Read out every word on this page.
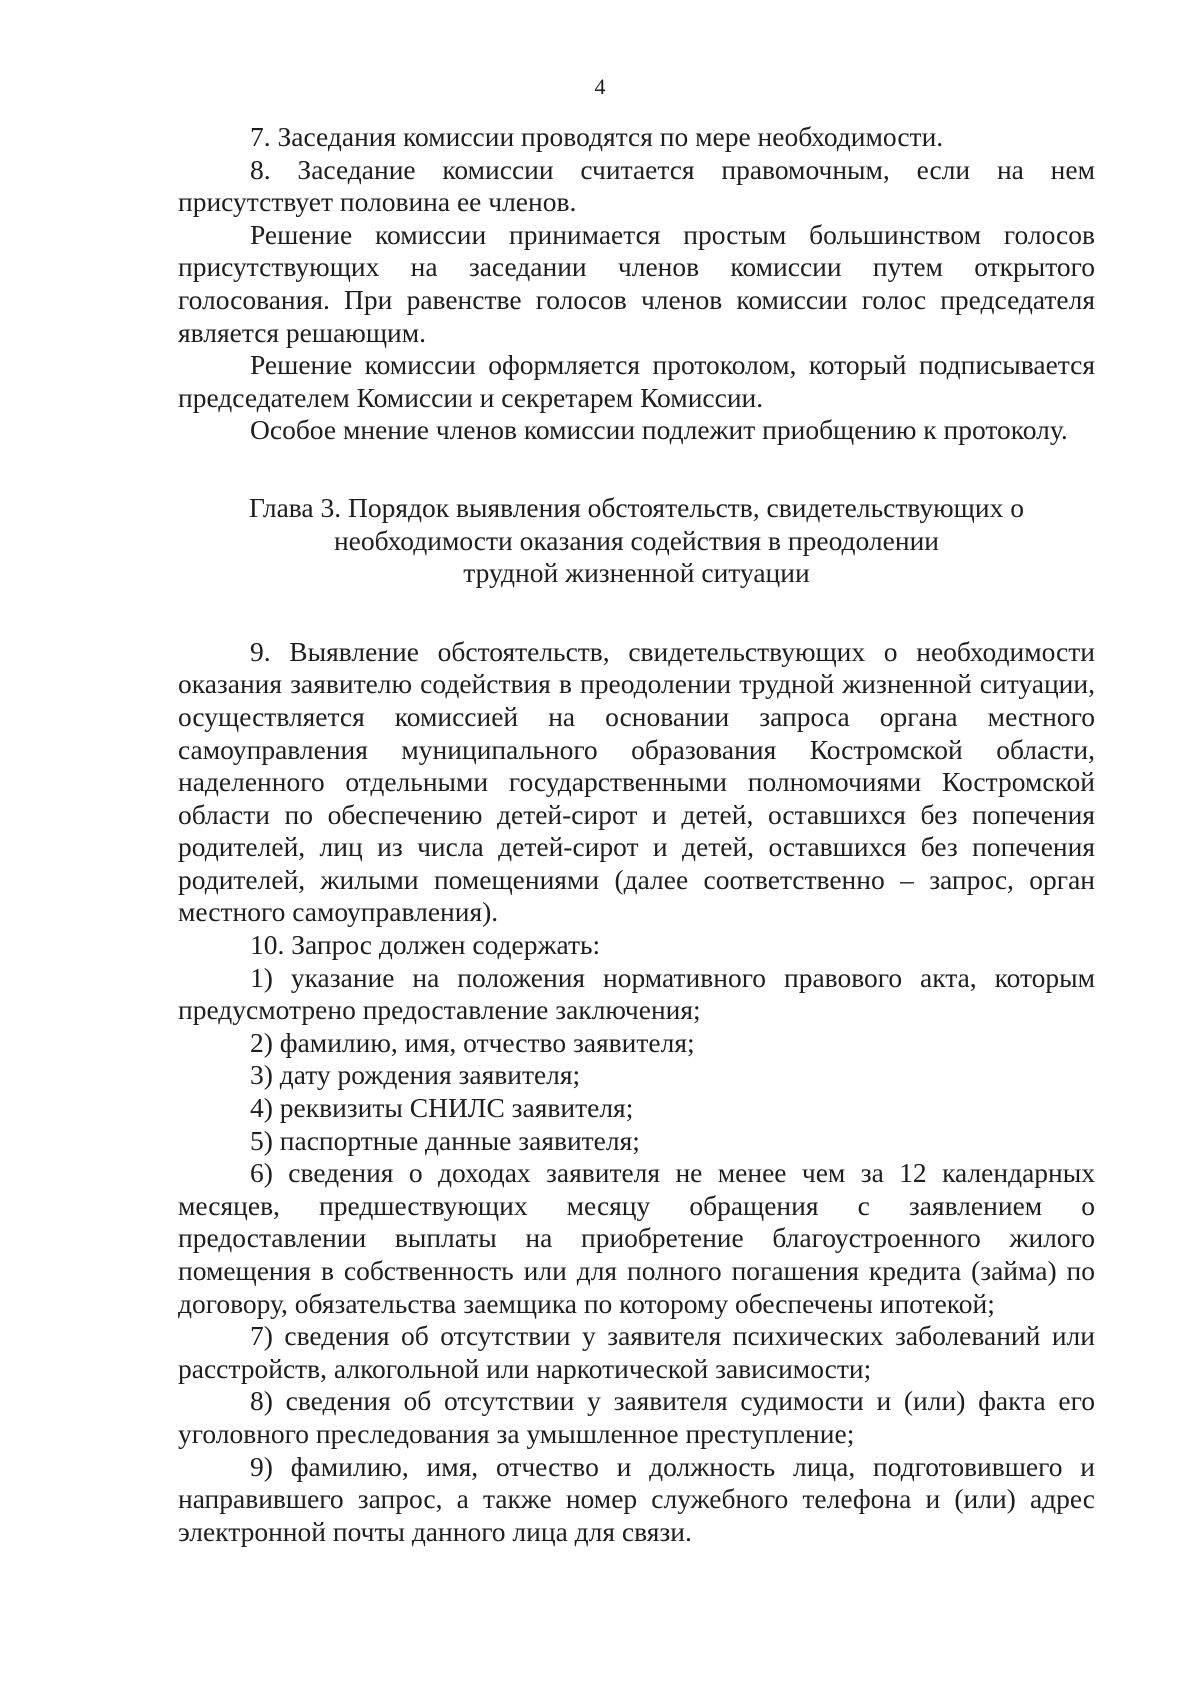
4

7. Заседания комиссии проводятся по мере необходимости.

8. Заседание комиссии считается правомочным, если на нем присутствует половина ее членов.

Решение комиссии принимается простым большинством голосов присутствующих на заседании членов комиссии путем открытого голосования. При равенстве голосов членов комиссии голос председателя является решающим.

Решение комиссии оформляется протоколом, который подписывается председателем Комиссии и секретарем Комиссии.

Особое мнение членов комиссии подлежит приобщению к протоколу.

Глава 3. Порядок выявления обстоятельств, свидетельствующих о
необходимости оказания содействия в преодолении
трудной жизненной ситуации

9. Выявление обстоятельств, свидетельствующих о необходимости оказания заявителю содействия в преодолении трудной жизненной ситуации, осуществляется комиссией на основании запроса органа местного самоуправления муниципального образования Костромской области, наделенного отдельными государственными полномочиями Костромской области по обеспечению детей-сирот и детей, оставшихся без попечения родителей, лиц из числа детей-сирот и детей, оставшихся без попечения родителей, жилыми помещениями (далее соответственно – запрос, орган местного самоуправления).

10. Запрос должен содержать:

1) указание на положения нормативного правового акта, которым предусмотрено предоставление заключения;

2) фамилию, имя, отчество заявителя;

3) дату рождения заявителя;

4) реквизиты СНИЛС заявителя;

5) паспортные данные заявителя;

6) сведения о доходах заявителя не менее чем за 12 календарных месяцев, предшествующих месяцу обращения с заявлением о предоставлении выплаты на приобретение благоустроенного жилого помещения в собственность или для полного погашения кредита (займа) по договору, обязательства заемщика по которому обеспечены ипотекой;

7) сведения об отсутствии у заявителя психических заболеваний или расстройств, алкогольной или наркотической зависимости;

8) сведения об отсутствии у заявителя судимости и (или) факта его уголовного преследования за умышленное преступление;

9) фамилию, имя, отчество и должность лица, подготовившего и направившего запрос, а также номер служебного телефона и (или) адрес электронной почты данного лица для связи.
